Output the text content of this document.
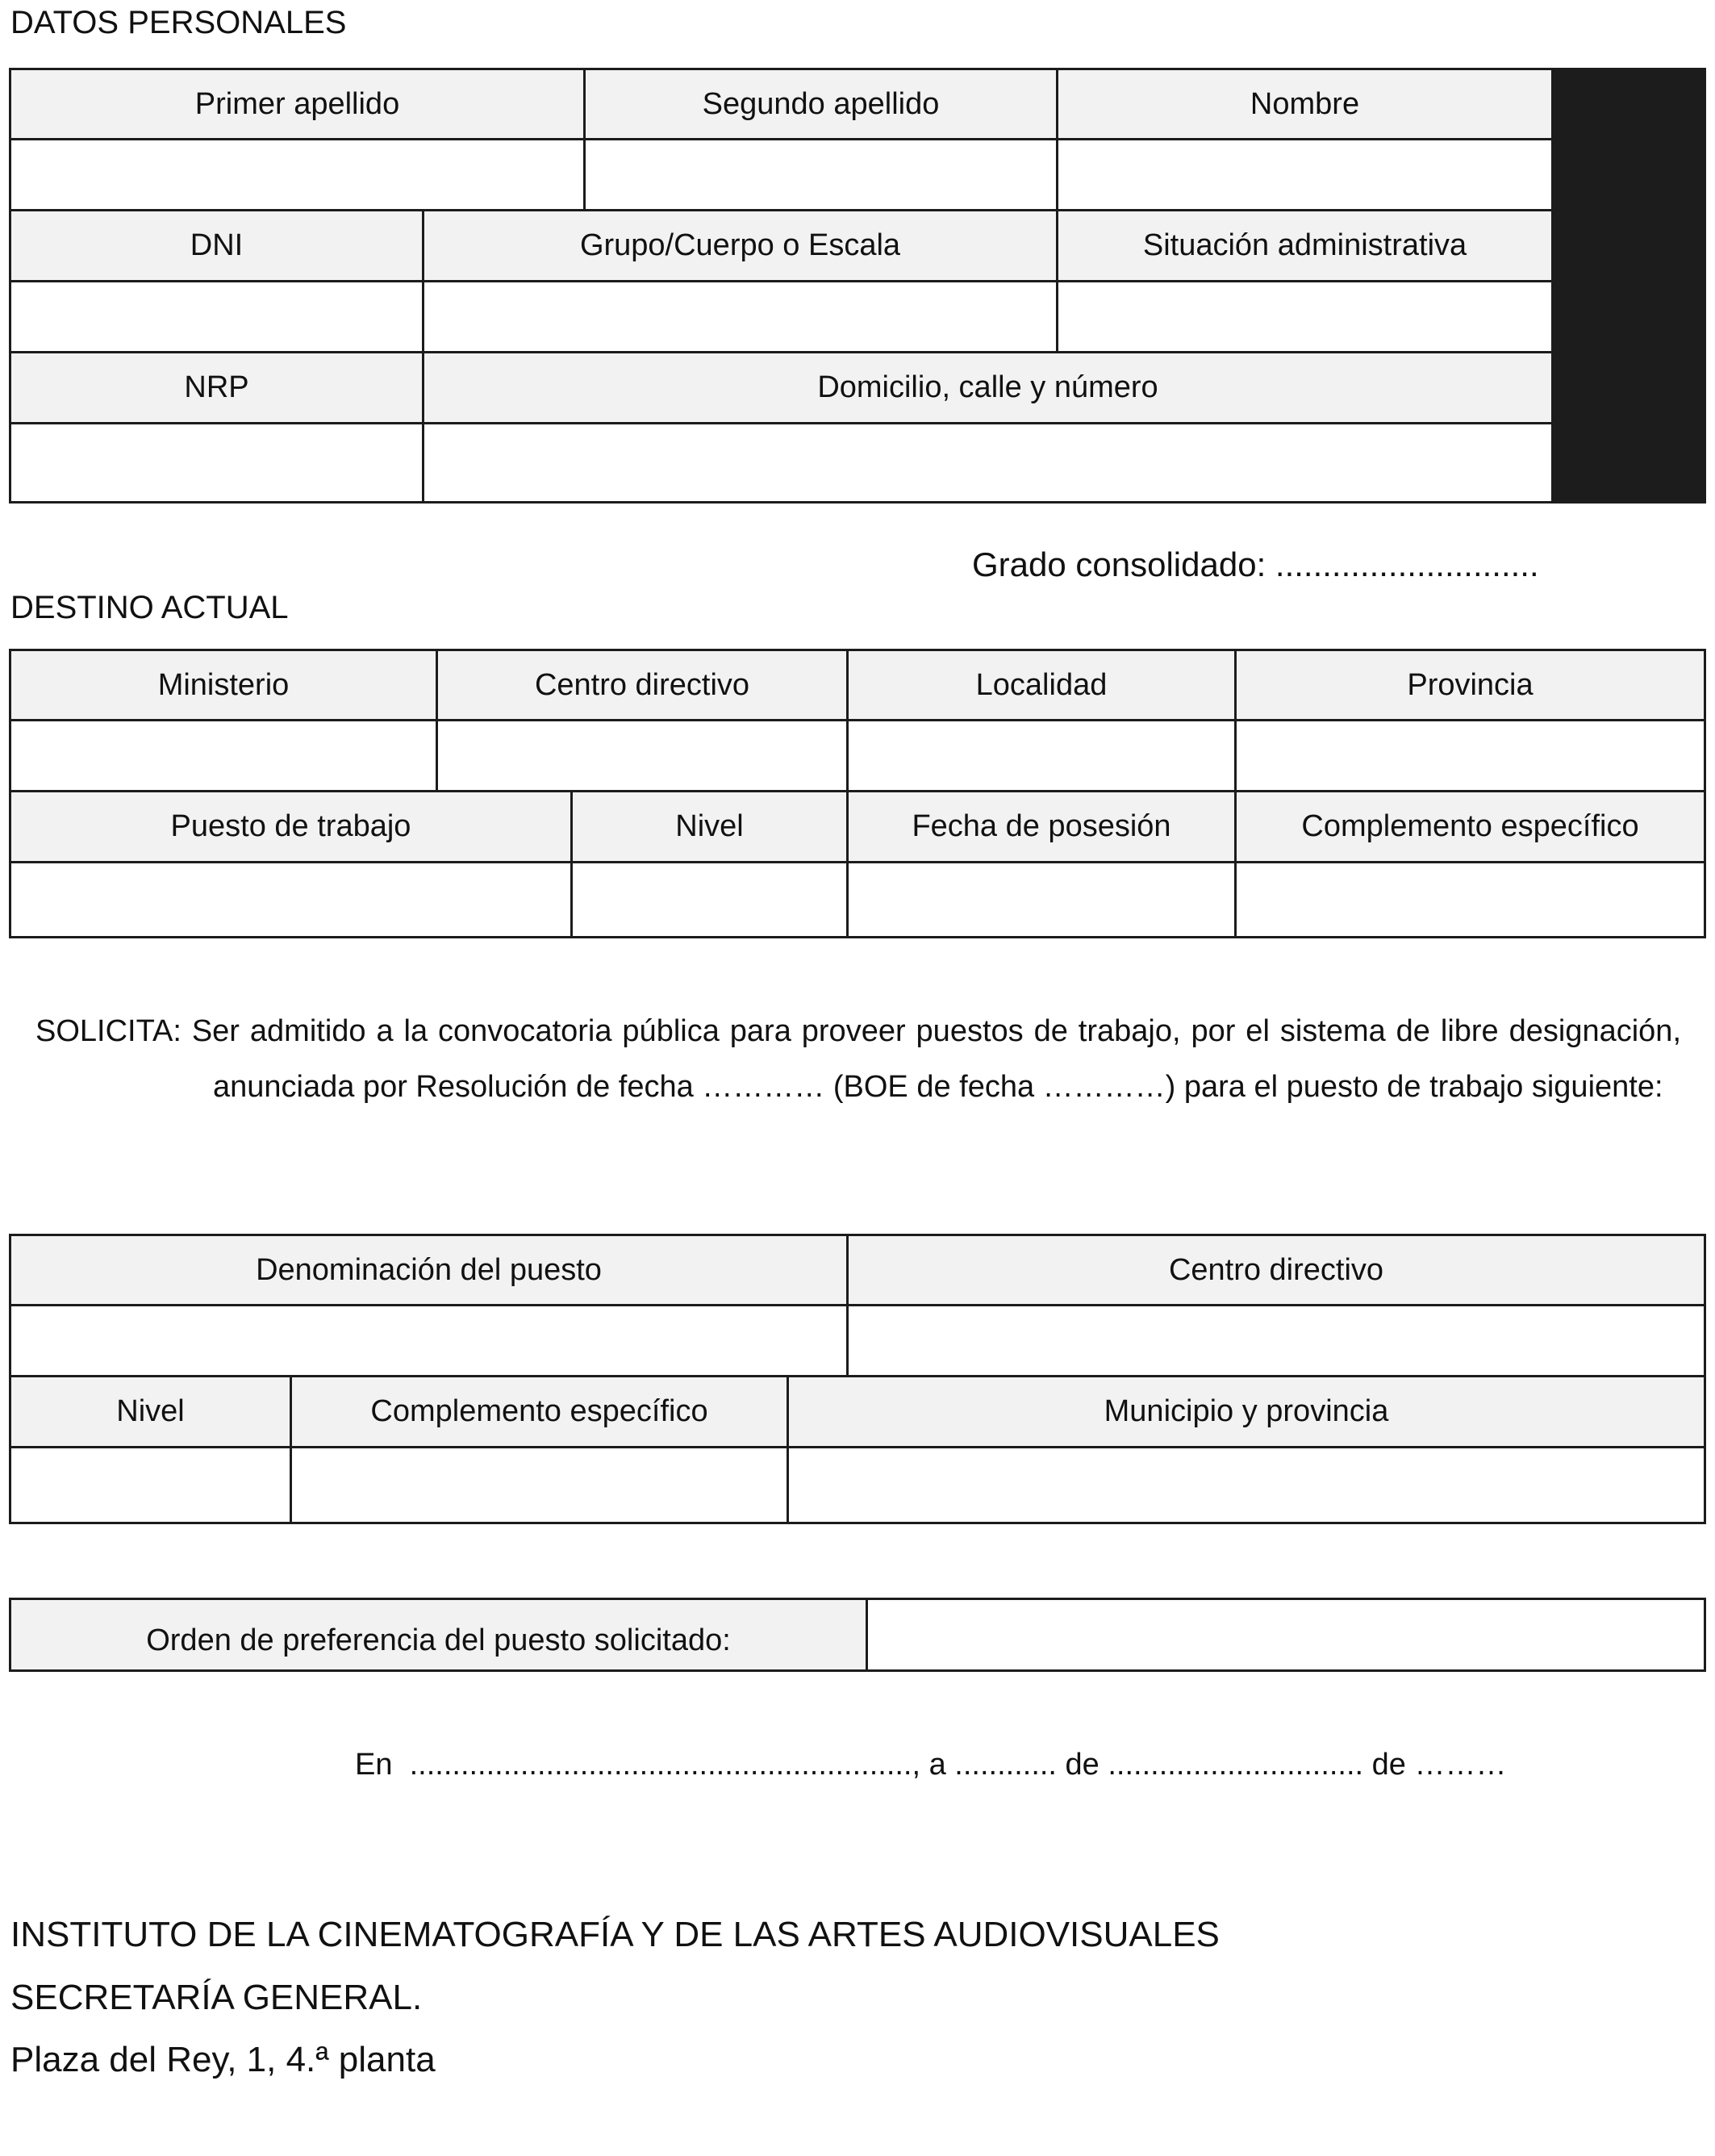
DATOS PERSONALES
Primer apellido	Segundo apellido	Nombre
DNI	Grupo/Cuerpo o Escala	Situación administrativa
NRP	Domicilio, calle y número
Grado consolidado: ............................
DESTINO ACTUAL
Ministerio	Centro directivo	Localidad	Provincia
Puesto de trabajo	Nivel	Fecha de posesión	Complemento específico
SOLICITA: Ser admitido a la convocatoria pública para proveer puestos de trabajo, por el sistema de libre designación, anunciada por Resolución de fecha ………… (BOE de fecha …………) para el puesto de trabajo siguiente:
Denominación del puesto	Centro directivo
Nivel	Complemento específico	Municipio y provincia
Orden de preferencia del puesto solicitado:
En  ..........................................................., a ............ de .............................. de ………
INSTITUTO DE LA CINEMATOGRAFÍA Y DE LAS ARTES AUDIOVISUALES
SECRETARÍA GENERAL.
Plaza del Rey, 1, 4.ª planta
